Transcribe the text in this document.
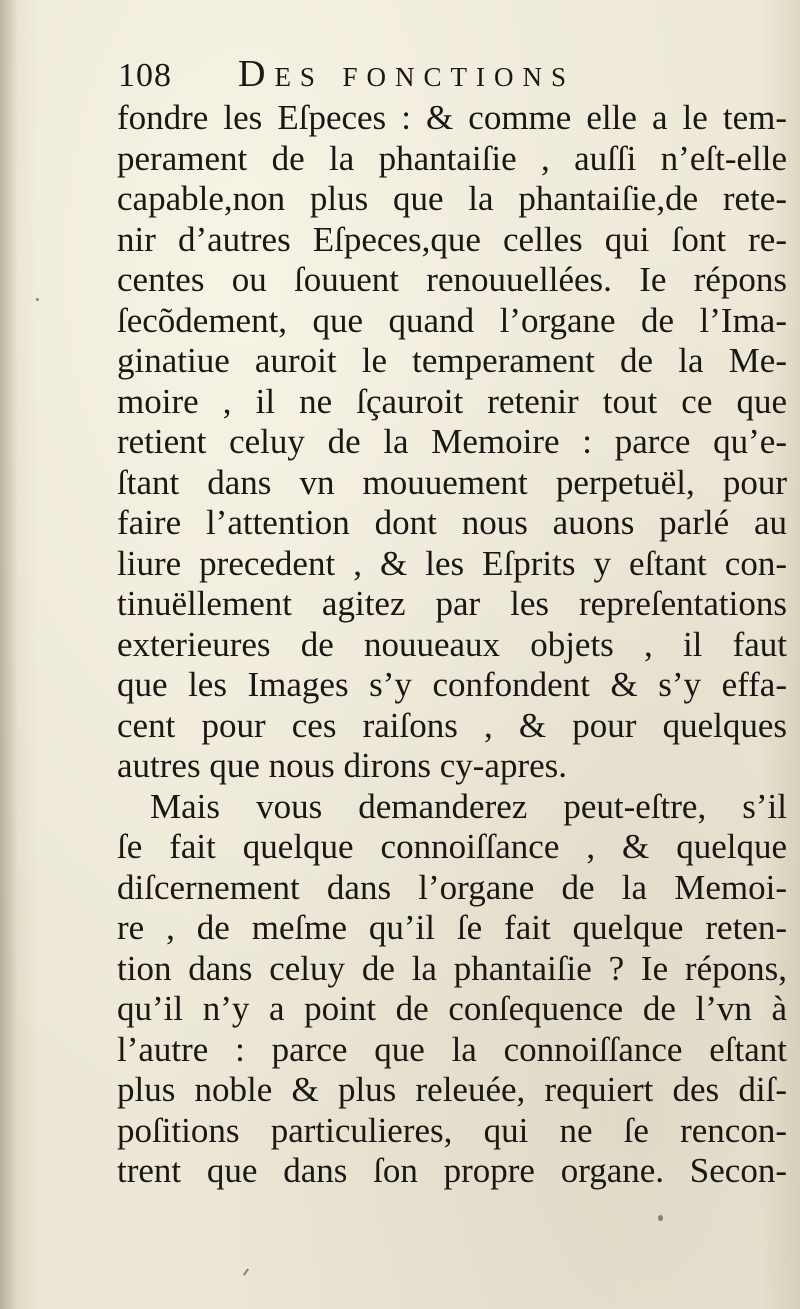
108	Des fonctions
fondre les Eſpeces : & comme elle a le tem-
perament de la phantaiſie , auſſi n’eſt-elle
capable,non plus que la phantaiſie,de rete-
nir d’autres Eſpeces,que celles qui ſont re-
centes ou ſouuent renouuellées. Ie répons
ſecõdement, que quand l’organe de l’Ima-
ginatiue auroit le temperament de la Me-
moire , il ne ſçauroit retenir tout ce que
retient celuy de la Memoire : parce qu’e-
ſtant dans vn mouuement perpetuël, pour
faire l’attention dont nous auons parlé au
liure precedent , & les Eſprits y eſtant con-
tinuëllement agitez par les repreſentations
exterieures de nouueaux objets , il faut
que les Images s’y confondent & s’y effa-
cent pour ces raiſons , & pour quelques
autres que nous dirons cy-apres.
Mais vous demanderez peut-eſtre, s’il
ſe fait quelque connoiſſance , & quelque
diſcernement dans l’organe de la Memoi-
re , de meſme qu’il ſe fait quelque reten-
tion dans celuy de la phantaiſie ? Ie répons,
qu’il n’y a point de conſequence de l’vn à
l’autre : parce que la connoiſſance eſtant
plus noble & plus releuée, requiert des diſ-
poſitions particulieres, qui ne ſe rencon-
trent que dans ſon propre organe. Secon-
